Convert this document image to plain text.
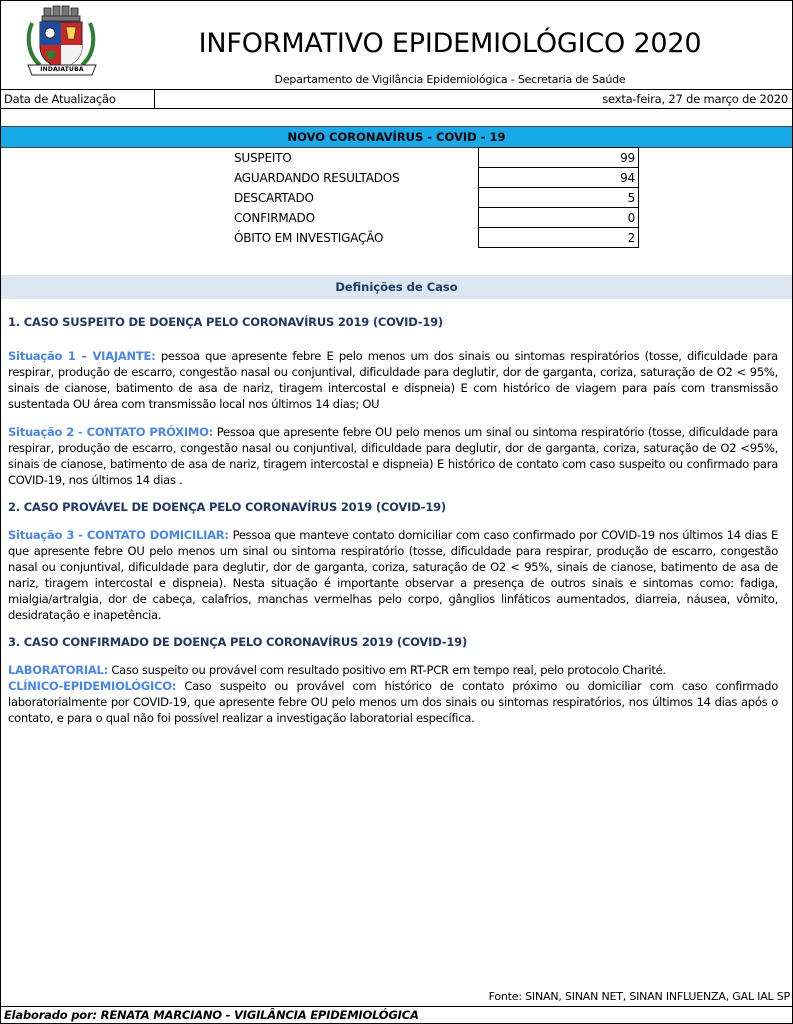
INDAIATUBA
INFORMATIVO EPIDEMIOLÓGICO 2020
Departamento de Vigilância Epidemiológica - Secretaria de Saúde
Data de Atualização	sexta-feira, 27 de março de 2020
NOVO CORONAVÍRUS - COVID - 19
SUSPEITO	99
AGUARDANDO RESULTADOS	94
DESCARTADO	5
CONFIRMADO	0
ÓBITO EM INVESTIGAÇÃO	2
Definições de Caso

1. CASO SUSPEITO DE DOENÇA PELO CORONAVÍRUS 2019 (COVID-19)

Situação 1 – VIAJANTE: pessoa que apresente febre E pelo menos um dos sinais ou sintomas respiratórios (tosse, dificuldade para respirar, produção de escarro, congestão nasal ou conjuntival, dificuldade para deglutir, dor de garganta, coriza, saturação de O2 < 95%, sinais de cianose, batimento de asa de nariz, tiragem intercostal e dispneia) E com histórico de viagem para país com transmissão sustentada OU área com transmissão local nos últimos 14 dias; OU

Situação 2 - CONTATO PRÓXIMO: Pessoa que apresente febre OU pelo menos um sinal ou sintoma respiratório (tosse, dificuldade para respirar, produção de escarro, congestão nasal ou conjuntival, dificuldade para deglutir, dor de garganta, coriza, saturação de O2 <95%, sinais de cianose, batimento de asa de nariz, tiragem intercostal e dispneia) E histórico de contato com caso suspeito ou confirmado para COVID-19, nos últimos 14 dias .

2. CASO PROVÁVEL DE DOENÇA PELO CORONAVÍRUS 2019 (COVID-19)

Situação 3 - CONTATO DOMICILIAR: Pessoa que manteve contato domiciliar com caso confirmado por COVID-19 nos últimos 14 dias E que apresente febre OU pelo menos um sinal ou sintoma respiratório (tosse, dificuldade para respirar, produção de escarro, congestão nasal ou conjuntival, dificuldade para deglutir, dor de garganta, coriza, saturação de O2 < 95%, sinais de cianose, batimento de asa de nariz, tiragem intercostal e dispneia). Nesta situação é importante observar a presença de outros sinais e sintomas como: fadiga, mialgia/artralgia, dor de cabeça, calafrios, manchas vermelhas pelo corpo, gânglios linfáticos aumentados, diarreia, náusea, vômito, desidratação e inapetência.

3. CASO CONFIRMADO DE DOENÇA PELO CORONAVÍRUS 2019 (COVID-19)

LABORATORIAL: Caso suspeito ou provável com resultado positivo em RT-PCR em tempo real, pelo protocolo Charité.

CLÍNICO-EPIDEMIOLÓGICO: Caso suspeito ou provável com histórico de contato próximo ou domiciliar com caso confirmado laboratorialmente por COVID-19, que apresente febre OU pelo menos um dos sinais ou sintomas respiratórios, nos últimos 14 dias após o contato, e para o qual não foi possível realizar a investigação laboratorial específica.

Fonte: SINAN, SINAN NET, SINAN INFLUENZA, GAL IAL SP
Elaborado por: RENATA MARCIANO - VIGILÂNCIA EPIDEMIOLÓGICA
